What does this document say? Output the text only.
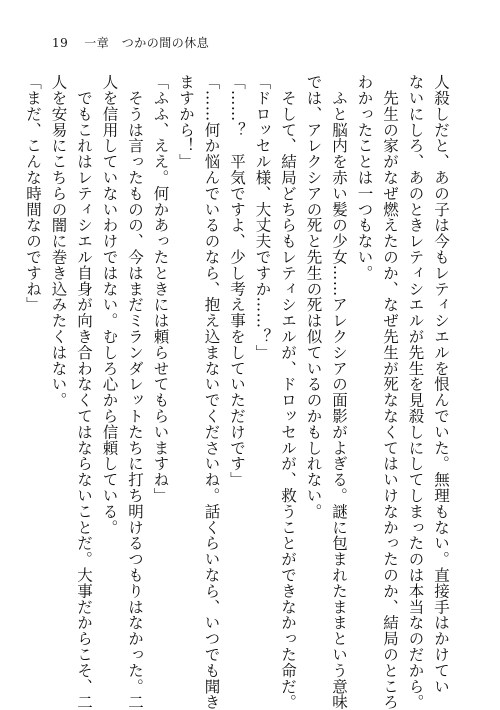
19 一章　つかの間の休息
人殺しだと、あの子は今もレティシエルを恨んでいた。無理もない。直接手はかけてい
ないにしろ、あのときレティシエルが先生を見殺しにしてしまったのは本当なのだから。
　先生の家がなぜ燃えたのか、なぜ先生が死ななくてはいけなかったのか、結局のところ
わかったことは一つもない。
　ふと脳内を赤い髪の少女……アレクシアの面影がよぎる。謎に包まれたままという意味
では、アレクシアの死と先生の死は似ているのかもしれない。
　そして、結局どちらもレティシエルが、ドロッセルが、救うことができなかった命だ。
「ドロッセル様、大丈夫ですか……？」
「……？　平気ですよ、少し考え事をしていただけです」
「……何か悩んでいるのなら、抱え込まないでくださいね。話くらいなら、いつでも聞き
ますから！」
「ふふ、ええ。何かあったときには頼らせてもらいますね」
　そうは言ったものの、今はまだミランダレットたちに打ち明けるつもりはなかった。二
人を信用していないわけではない。むしろ心から信頼している。
　でもこれはレティシエル自身が向き合わなくてはならないことだ。大事だからこそ、二
人を安易にこちらの闇に巻き込みたくはない。
「まだ、こんな時間なのですね」
